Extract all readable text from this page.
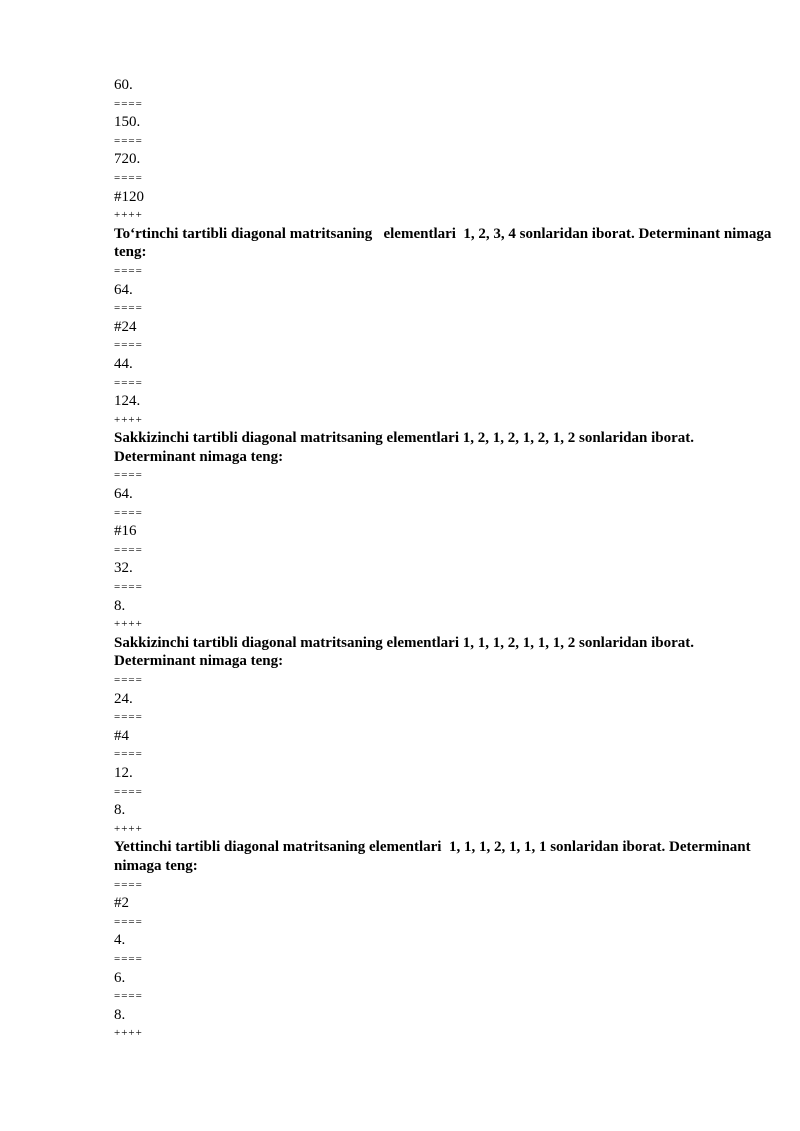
60.
====
150.
====
720.
====
#120
++++
To‘rtinchi tartibli diagonal matritsaning   elementlari  1, 2, 3, 4 sonlaridan iborat. Determinant nimaga teng:
====
64.
====
#24
====
44.
====
124.
++++
Sakkizinchi tartibli diagonal matritsaning elementlari 1, 2, 1, 2, 1, 2, 1, 2 sonlaridan iborat. Determinant nimaga teng:
====
64.
====
#16
====
32.
====
8.
++++
Sakkizinchi tartibli diagonal matritsaning elementlari 1, 1, 1, 2, 1, 1, 1, 2 sonlaridan iborat. Determinant nimaga teng:
====
24.
====
#4
====
12.
====
8.
++++
Yettinchi tartibli diagonal matritsaning elementlari  1, 1, 1, 2, 1, 1, 1 sonlaridan iborat. Determinant nimaga teng:
====
#2
====
4.
====
6.
====
8.
++++
